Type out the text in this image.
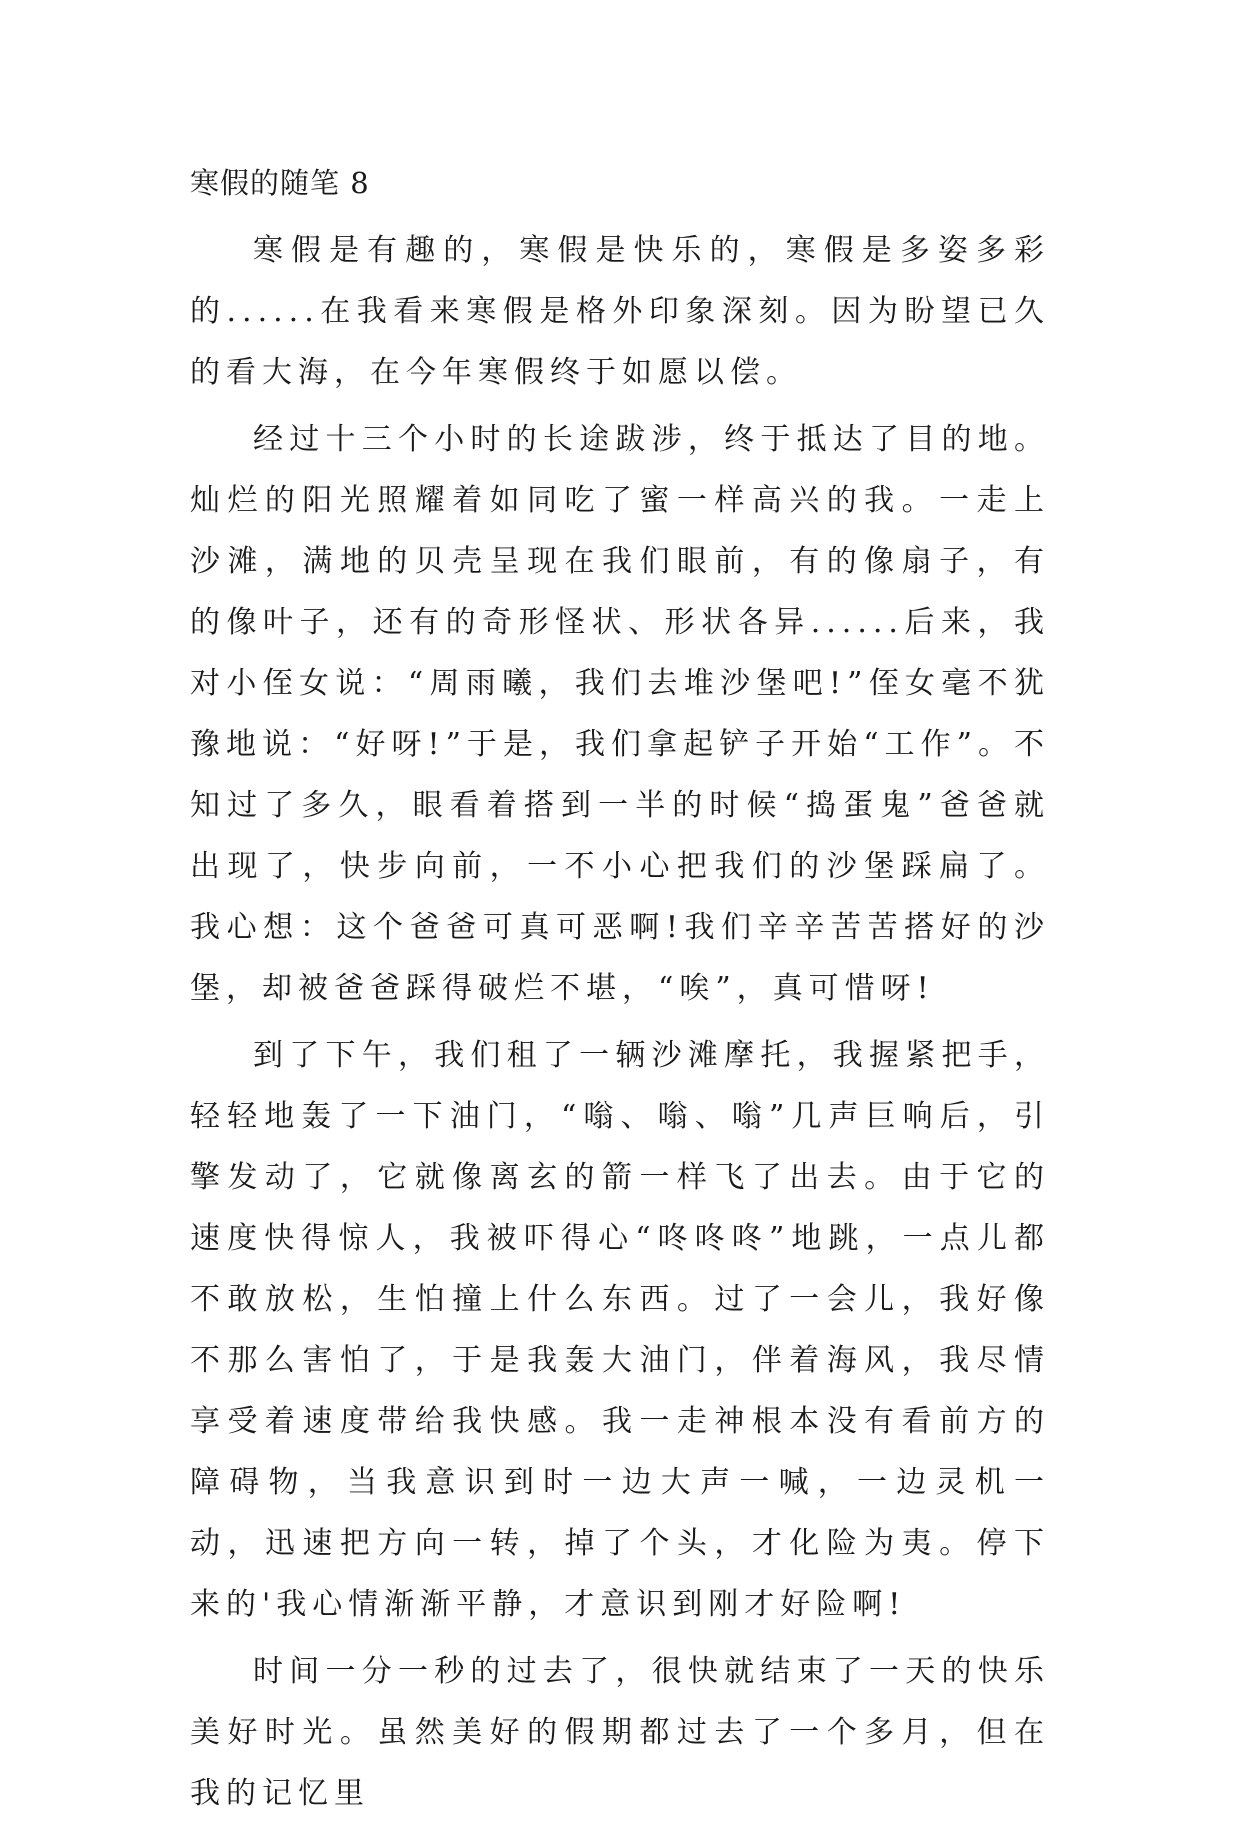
寒假的随笔 8

寒假是有趣的，寒假是快乐的，寒假是多姿多彩的......在我看来寒假是格外印象深刻。因为盼望已久的看大海，在今年寒假终于如愿以偿。

经过十三个小时的长途跋涉，终于抵达了目的地。灿烂的阳光照耀着如同吃了蜜一样高兴的我。一走上沙滩，满地的贝壳呈现在我们眼前，有的像扇子，有的像叶子，还有的奇形怪状、形状各异......后来，我对小侄女说：“周雨曦，我们去堆沙堡吧!”侄女毫不犹豫地说：“好呀!”于是，我们拿起铲子开始“工作”。不知过了多久，眼看着搭到一半的时候“捣蛋鬼”爸爸就出现了，快步向前，一不小心把我们的沙堡踩扁了。我心想：这个爸爸可真可恶啊!我们辛辛苦苦搭好的沙堡，却被爸爸踩得破烂不堪，“唉”，真可惜呀!

到了下午，我们租了一辆沙滩摩托，我握紧把手，轻轻地轰了一下油门，“嗡、嗡、嗡”几声巨响后，引擎发动了，它就像离玄的箭一样飞了出去。由于它的速度快得惊人，我被吓得心“咚咚咚”地跳，一点儿都不敢放松，生怕撞上什么东西。过了一会儿，我好像不那么害怕了，于是我轰大油门，伴着海风，我尽情享受着速度带给我快感。我一走神根本没有看前方的障碍物，当我意识到时一边大声一喊，一边灵机一动，迅速把方向一转，掉了个头，才化险为夷。停下来的'我心情渐渐平静，才意识到刚才好险啊!

时间一分一秒的过去了，很快就结束了一天的快乐美好时光。虽然美好的假期都过去了一个多月，但在我的记忆里
